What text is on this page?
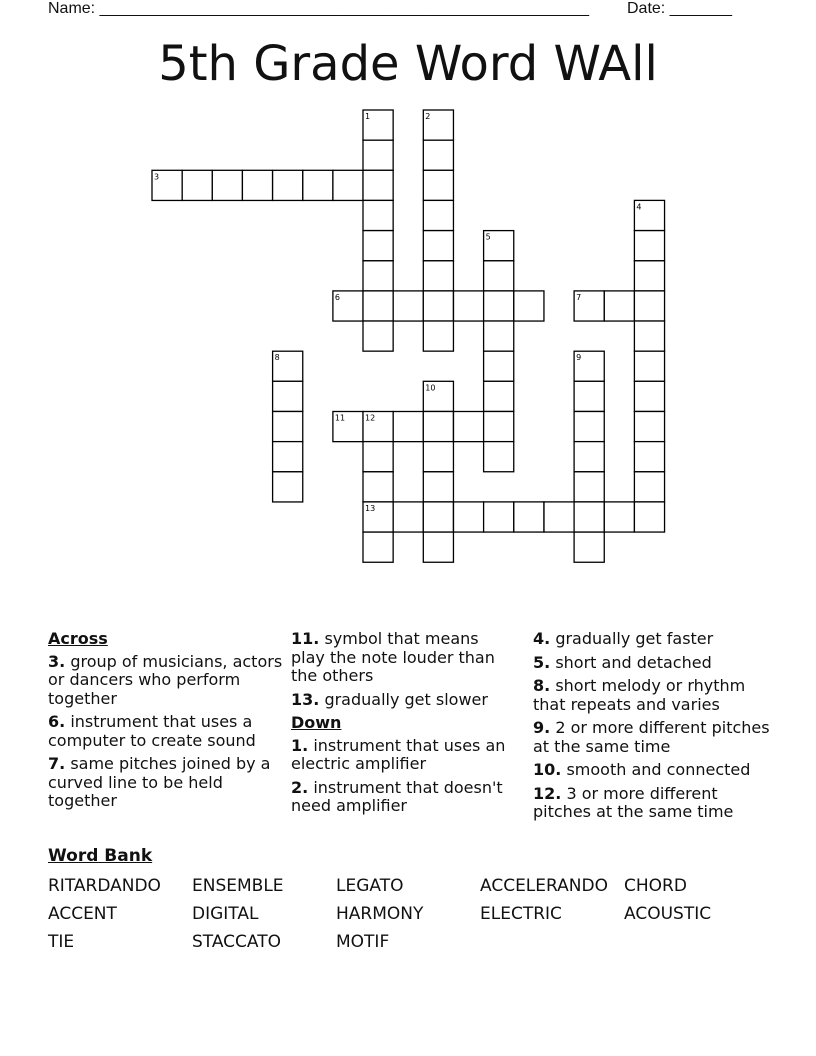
Name: _______________________________________________________ Date: _______
5th Grade Word WAll
1	2
3
4
5
6	7
8	9
10
11 12
13
Across
3. group of musicians, actors or dancers who perform together
6. instrument that uses a computer to create sound
7. same pitches joined by a curved line to be held together
11. symbol that means play the note louder than the others
13. gradually get slower
Down
1. instrument that uses an electric amplifier
2. instrument that doesn't need amplifier
4. gradually get faster
5. short and detached
8. short melody or rhythm that repeats and varies
9. 2 or more different pitches at the same time
10. smooth and connected
12. 3 or more different pitches at the same time
Word Bank
RITARDANDO ENSEMBLE	LEGATO	ACCELERANDO CHORD
ACCENT	DIGITAL	HARMONY	ELECTRIC	ACOUSTIC
TIE	STACCATO	MOTIF
